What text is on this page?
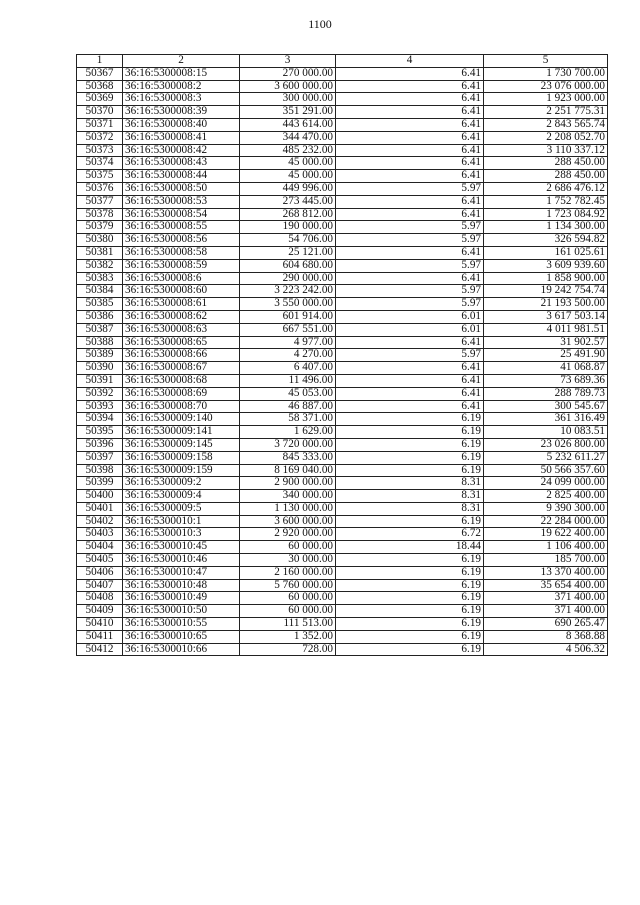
1100
1	2	3	4	5
50367	36:16:5300008:15	270 000.00	6.41	1 730 700.00
50368	36:16:5300008:2	3 600 000.00	6.41	23 076 000.00
50369	36:16:5300008:3	300 000.00	6.41	1 923 000.00
50370	36:16:5300008:39	351 291.00	6.41	2 251 775.31
50371	36:16:5300008:40	443 614.00	6.41	2 843 565.74
50372	36:16:5300008:41	344 470.00	6.41	2 208 052.70
50373	36:16:5300008:42	485 232.00	6.41	3 110 337.12
50374	36:16:5300008:43	45 000.00	6.41	288 450.00
50375	36:16:5300008:44	45 000.00	6.41	288 450.00
50376	36:16:5300008:50	449 996.00	5.97	2 686 476.12
50377	36:16:5300008:53	273 445.00	6.41	1 752 782.45
50378	36:16:5300008:54	268 812.00	6.41	1 723 084.92
50379	36:16:5300008:55	190 000.00	5.97	1 134 300.00
50380	36:16:5300008:56	54 706.00	5.97	326 594.82
50381	36:16:5300008:58	25 121.00	6.41	161 025.61
50382	36:16:5300008:59	604 680.00	5.97	3 609 939.60
50383	36:16:5300008:6	290 000.00	6.41	1 858 900.00
50384	36:16:5300008:60	3 223 242.00	5.97	19 242 754.74
50385	36:16:5300008:61	3 550 000.00	5.97	21 193 500.00
50386	36:16:5300008:62	601 914.00	6.01	3 617 503.14
50387	36:16:5300008:63	667 551.00	6.01	4 011 981.51
50388	36:16:5300008:65	4 977.00	6.41	31 902.57
50389	36:16:5300008:66	4 270.00	5.97	25 491.90
50390	36:16:5300008:67	6 407.00	6.41	41 068.87
50391	36:16:5300008:68	11 496.00	6.41	73 689.36
50392	36:16:5300008:69	45 053.00	6.41	288 789.73
50393	36:16:5300008:70	46 887.00	6.41	300 545.67
50394	36:16:5300009:140	58 371.00	6.19	361 316.49
50395	36:16:5300009:141	1 629.00	6.19	10 083.51
50396	36:16:5300009:145	3 720 000.00	6.19	23 026 800.00
50397	36:16:5300009:158	845 333.00	6.19	5 232 611.27
50398	36:16:5300009:159	8 169 040.00	6.19	50 566 357.60
50399	36:16:5300009:2	2 900 000.00	8.31	24 099 000.00
50400	36:16:5300009:4	340 000.00	8.31	2 825 400.00
50401	36:16:5300009:5	1 130 000.00	8.31	9 390 300.00
50402	36:16:5300010:1	3 600 000.00	6.19	22 284 000.00
50403	36:16:5300010:3	2 920 000.00	6.72	19 622 400.00
50404	36:16:5300010:45	60 000.00	18.44	1 106 400.00
50405	36:16:5300010:46	30 000.00	6.19	185 700.00
50406	36:16:5300010:47	2 160 000.00	6.19	13 370 400.00
50407	36:16:5300010:48	5 760 000.00	6.19	35 654 400.00
50408	36:16:5300010:49	60 000.00	6.19	371 400.00
50409	36:16:5300010:50	60 000.00	6.19	371 400.00
50410	36:16:5300010:55	111 513.00	6.19	690 265.47
50411	36:16:5300010:65	1 352.00	6.19	8 368.88
50412	36:16:5300010:66	728.00	6.19	4 506.32
